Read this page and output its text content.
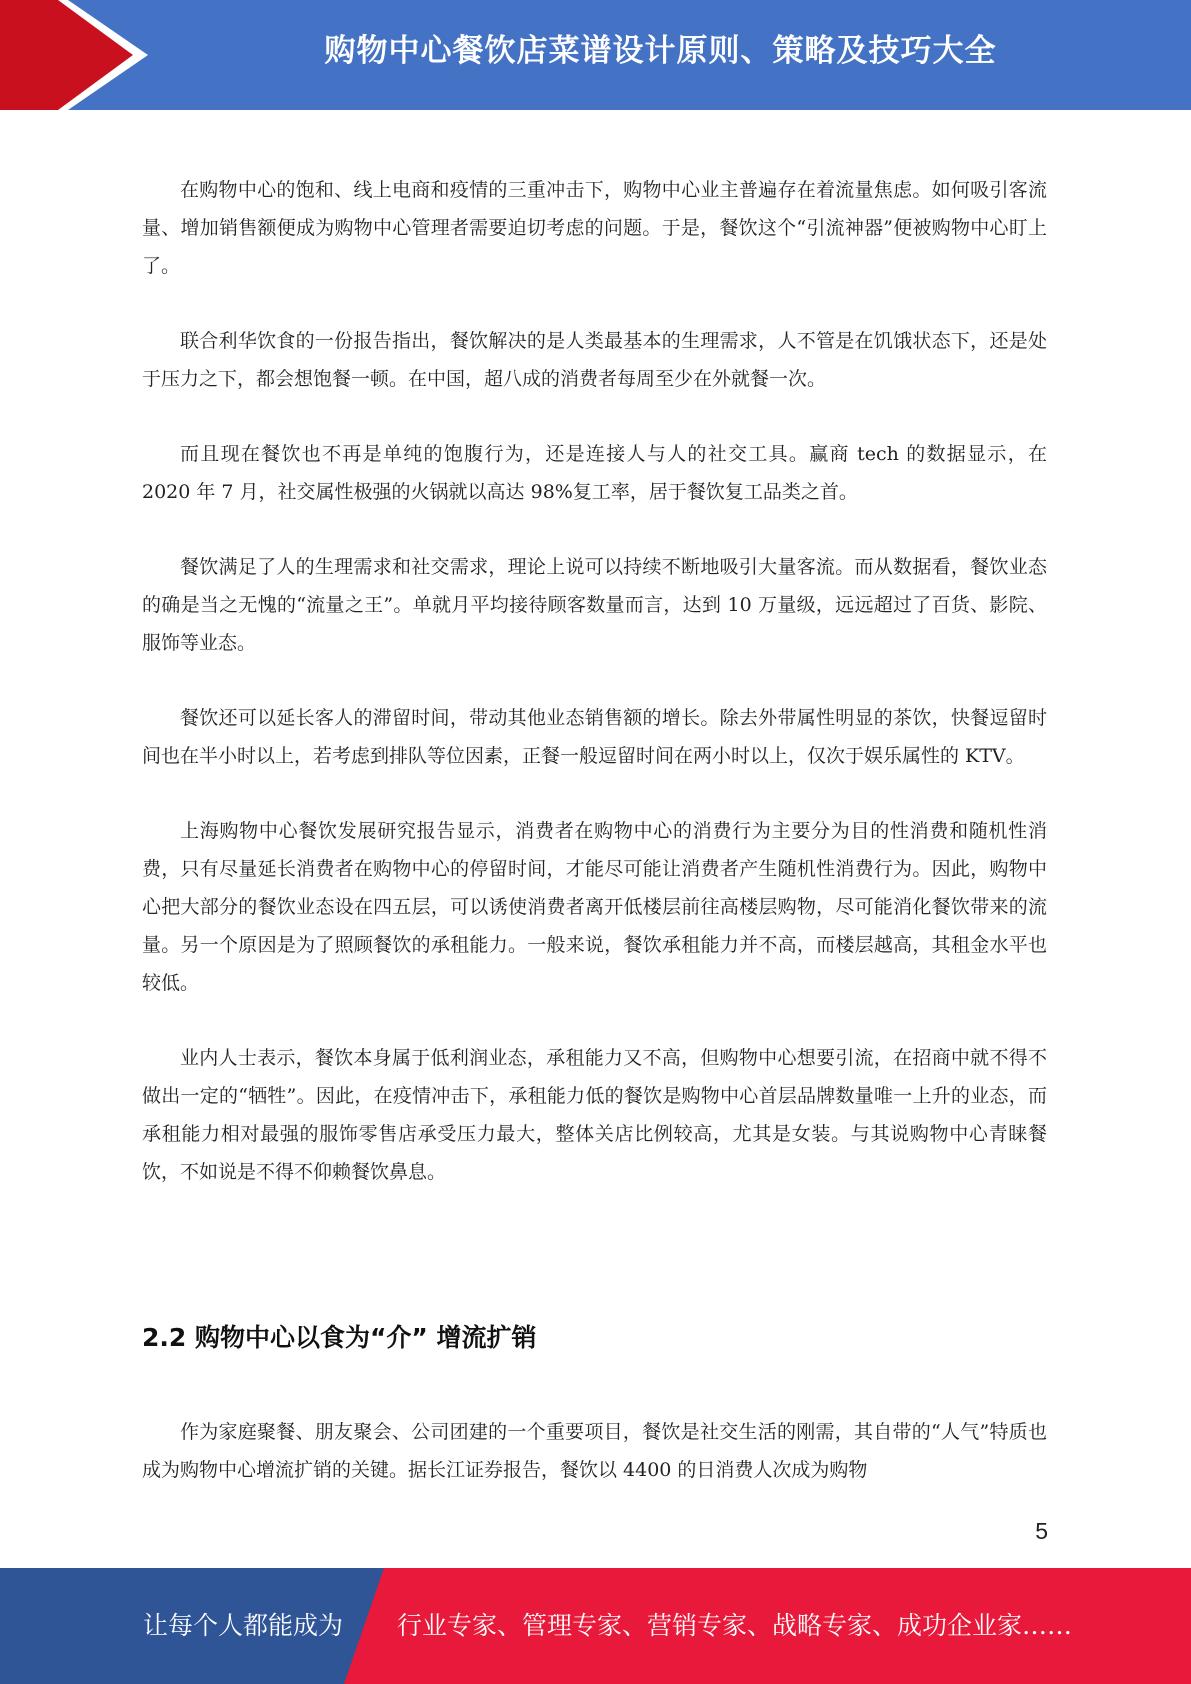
购物中心餐饮店菜谱设计原则、策略及技巧大全

在购物中心的饱和、线上电商和疫情的三重冲击下，购物中心业主普遍存在着流量焦虑。如何吸引客流量、增加销售额便成为购物中心管理者需要迫切考虑的问题。于是，餐饮这个“引流神器”便被购物中心盯上了。

联合利华饮食的一份报告指出，餐饮解决的是人类最基本的生理需求，人不管是在饥饿状态下，还是处于压力之下，都会想饱餐一顿。在中国，超八成的消费者每周至少在外就餐一次。

而且现在餐饮也不再是单纯的饱腹行为，还是连接人与人的社交工具。赢商 tech 的数据显示，在 2020 年 7 月，社交属性极强的火锅就以高达 98%复工率，居于餐饮复工品类之首。

餐饮满足了人的生理需求和社交需求，理论上说可以持续不断地吸引大量客流。而从数据看，餐饮业态的确是当之无愧的“流量之王”。单就月平均接待顾客数量而言，达到 10 万量级，远远超过了百货、影院、服饰等业态。

餐饮还可以延长客人的滞留时间，带动其他业态销售额的增长。除去外带属性明显的茶饮，快餐逗留时间也在半小时以上，若考虑到排队等位因素，正餐一般逗留时间在两小时以上，仅次于娱乐属性的 KTV。

上海购物中心餐饮发展研究报告显示，消费者在购物中心的消费行为主要分为目的性消费和随机性消费，只有尽量延长消费者在购物中心的停留时间，才能尽可能让消费者产生随机性消费行为。因此，购物中心把大部分的餐饮业态设在四五层，可以诱使消费者离开低楼层前往高楼层购物，尽可能消化餐饮带来的流量。另一个原因是为了照顾餐饮的承租能力。一般来说，餐饮承租能力并不高，而楼层越高，其租金水平也较低。

业内人士表示，餐饮本身属于低利润业态，承租能力又不高，但购物中心想要引流，在招商中就不得不做出一定的“牺牲”。因此，在疫情冲击下，承租能力低的餐饮是购物中心首层品牌数量唯一上升的业态，而承租能力相对最强的服饰零售店承受压力最大，整体关店比例较高，尤其是女装。与其说购物中心青睐餐饮，不如说是不得不仰赖餐饮鼻息。

2.2 购物中心以食为“介” 增流扩销

作为家庭聚餐、朋友聚会、公司团建的一个重要项目，餐饮是社交生活的刚需，其自带的“人气”特质也成为购物中心增流扩销的关键。据长江证券报告，餐饮以 4400 的日消费人次成为购物

5
让每个人都能成为 行业专家、管理专家、营销专家、战略专家、成功企业家……
